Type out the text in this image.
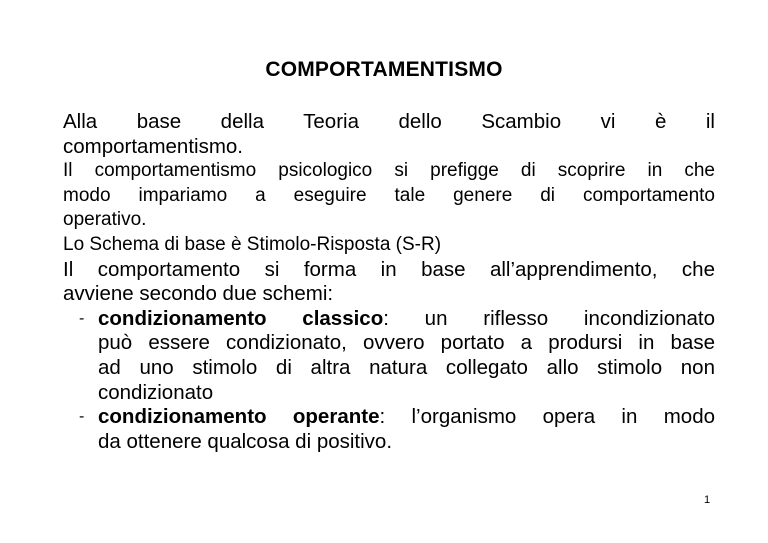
COMPORTAMENTISMO
Alla base della Teoria dello Scambio vi è il
comportamentismo.
Il comportamentismo psicologico si prefigge di scoprire in che
modo impariamo a eseguire tale genere di comportamento
operativo.
Lo Schema di base è Stimolo-Risposta (S-R)
Il comportamento si forma in base all’apprendimento, che
avviene secondo due schemi:
- condizionamento classico: un riflesso incondizionato
può essere condizionato, ovvero portato a prodursi in base
ad uno stimolo di altra natura collegato allo stimolo non
condizionato
- condizionamento operante: l’organismo opera in modo
da ottenere qualcosa di positivo.
1
